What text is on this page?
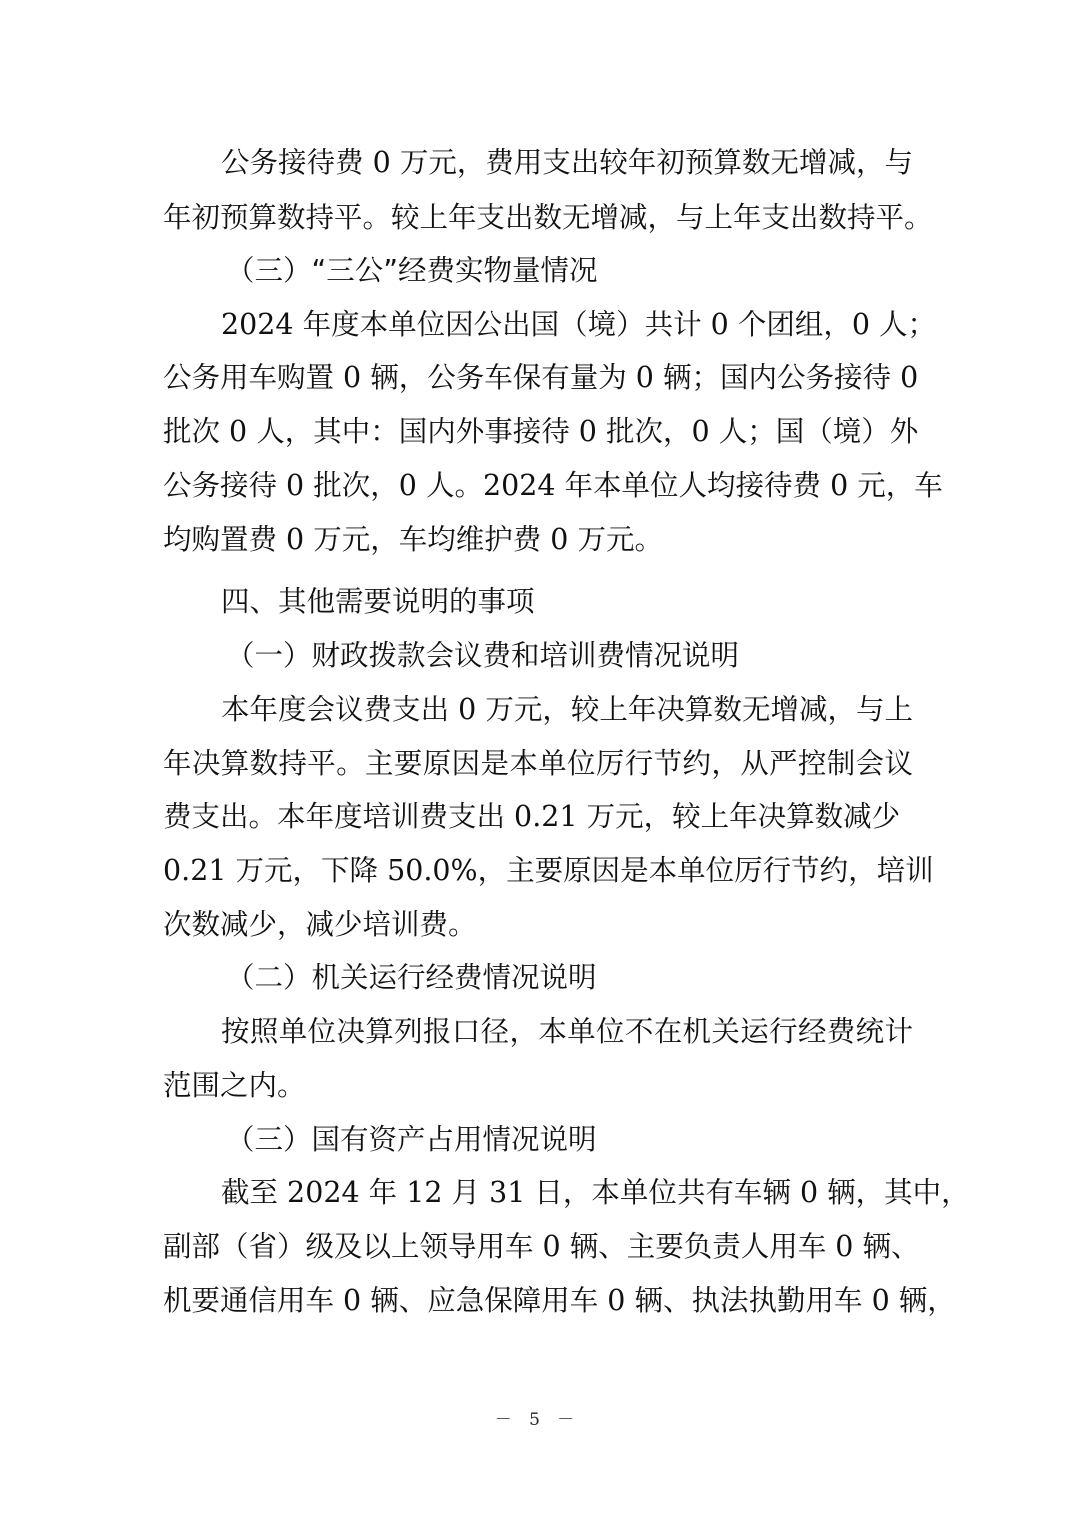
公务接待费 0 万元，费用支出较年初预算数无增减，与
年初预算数持平。较上年支出数无增减，与上年支出数持平。
（三）“三公”经费实物量情况
2024 年度本单位因公出国（境）共计 0 个团组，0 人；
公务用车购置 0 辆，公务车保有量为 0 辆；国内公务接待 0
批次 0 人，其中：国内外事接待 0 批次，0 人；国（境）外
公务接待 0 批次，0 人。2024 年本单位人均接待费 0 元，车
均购置费 0 万元，车均维护费 0 万元。
四、其他需要说明的事项
（一）财政拨款会议费和培训费情况说明
本年度会议费支出 0 万元，较上年决算数无增减，与上
年决算数持平。主要原因是本单位厉行节约，从严控制会议
费支出。本年度培训费支出 0.21 万元，较上年决算数减少
0.21 万元，下降 50.0%，主要原因是本单位厉行节约，培训
次数减少，减少培训费。
（二）机关运行经费情况说明
按照单位决算列报口径，本单位不在机关运行经费统计
范围之内。
（三）国有资产占用情况说明
截至 2024 年 12 月 31 日，本单位共有车辆 0 辆，其中，
副部（省）级及以上领导用车 0 辆、主要负责人用车 0 辆、
机要通信用车 0 辆、应急保障用车 0 辆、执法执勤用车 0 辆，
－ 5 －
